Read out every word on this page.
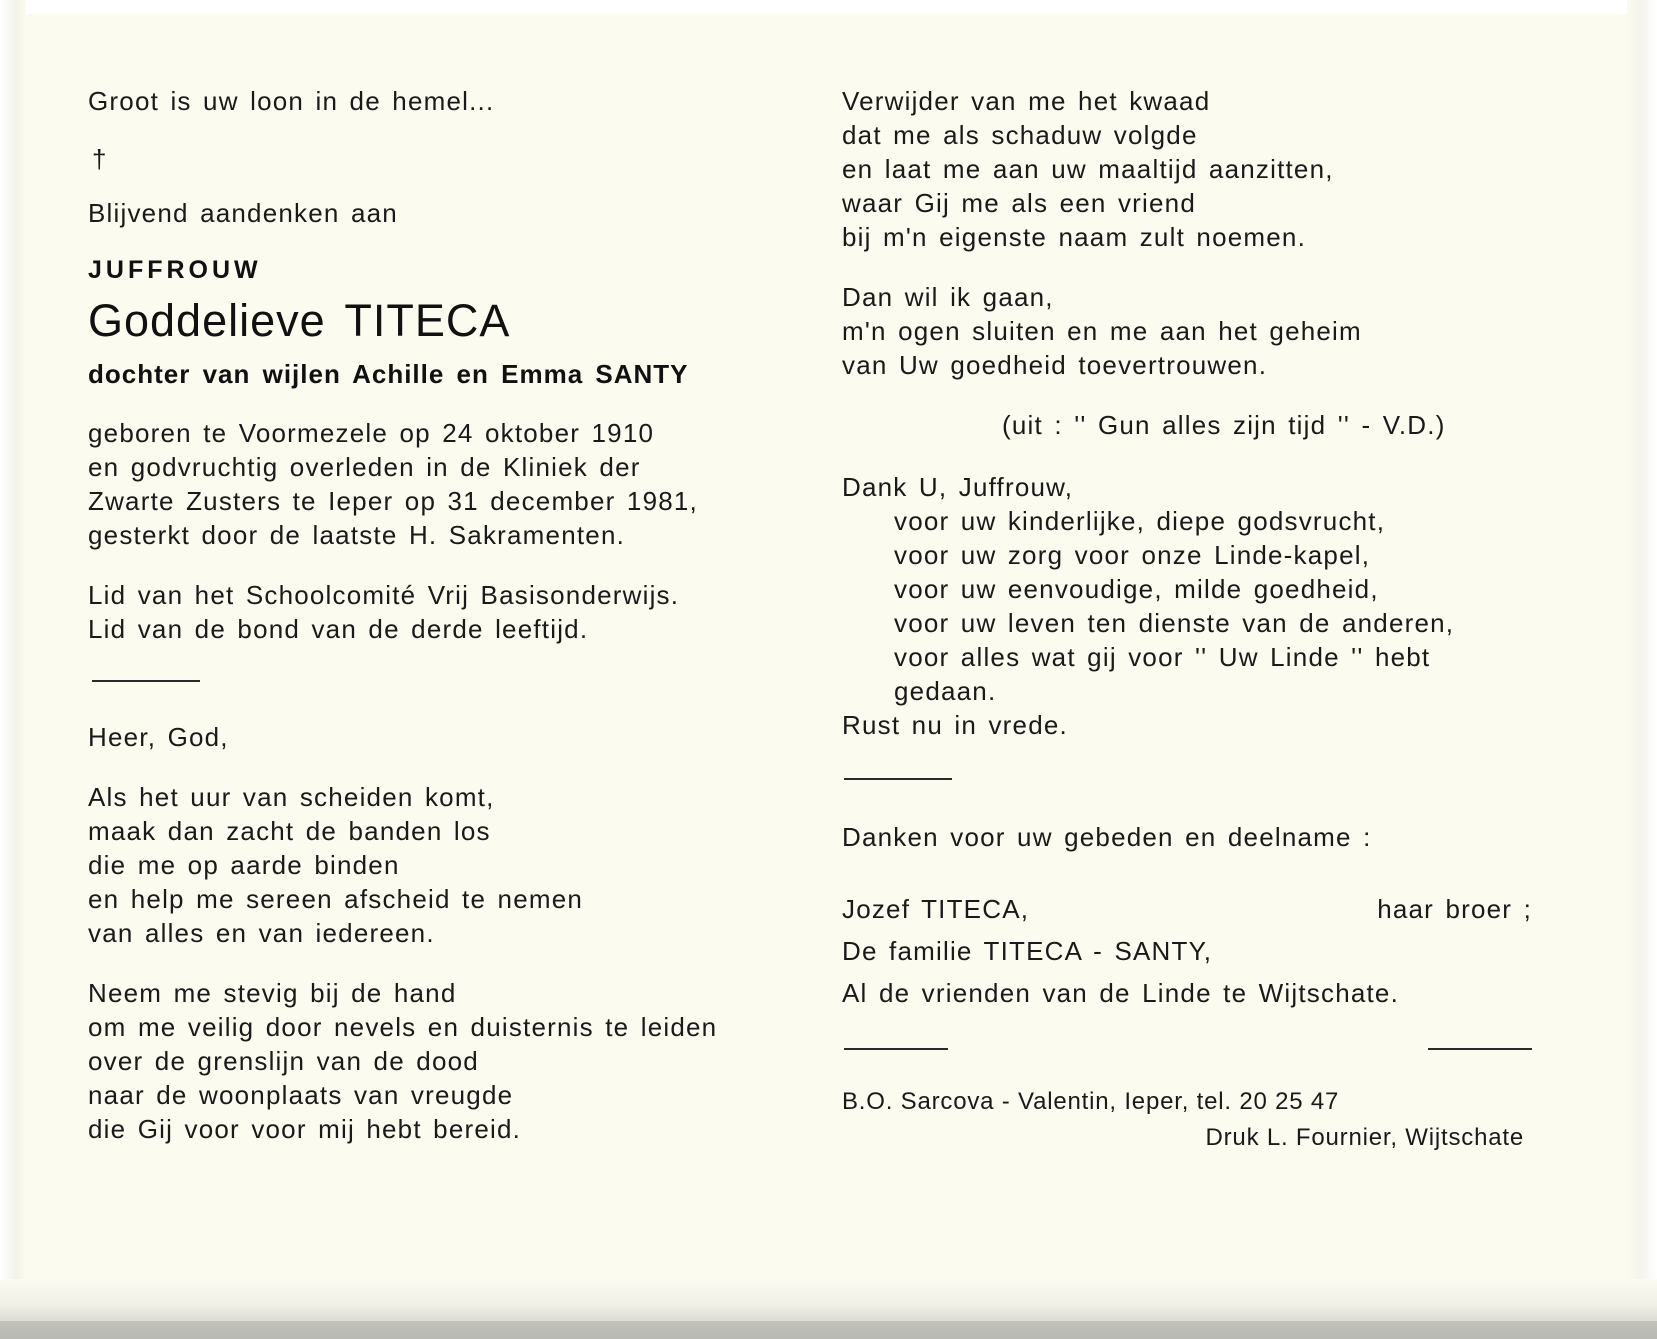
Groot is uw loon in de hemel...
†
Blijvend aandenken aan
JUFFROUW
Goddelieve TITECA
dochter van wijlen Achille en Emma SANTY
geboren te Voormezele op 24 oktober 1910
en godvruchtig overleden in de Kliniek der
Zwarte Zusters te Ieper op 31 december 1981,
gesterkt door de laatste H. Sakramenten.
Lid van het Schoolcomité Vrij Basisonderwijs.
Lid van de bond van de derde leeftijd.
Heer, God,
Als het uur van scheiden komt,
maak dan zacht de banden los
die me op aarde binden
en help me sereen afscheid te nemen
van alles en van iedereen.
Neem me stevig bij de hand
om me veilig door nevels en duisternis te leiden
over de grenslijn van de dood
naar de woonplaats van vreugde
die Gij voor voor mij hebt bereid.
Verwijder van me het kwaad
dat me als schaduw volgde
en laat me aan uw maaltijd aanzitten,
waar Gij me als een vriend
bij m'n eigenste naam zult noemen.
Dan wil ik gaan,
m'n ogen sluiten en me aan het geheim
van Uw goedheid toevertrouwen.
(uit : '' Gun alles zijn tijd '' - V.D.)
Dank U, Juffrouw,
voor uw kinderlijke, diepe godsvrucht,
voor uw zorg voor onze Linde-kapel,
voor uw eenvoudige, milde goedheid,
voor uw leven ten dienste van de anderen,
voor alles wat gij voor '' Uw Linde '' hebt
gedaan.
Rust nu in vrede.
Danken voor uw gebeden en deelname :
Jozef TITECA,	haar broer ;
De familie TITECA - SANTY,
Al de vrienden van de Linde te Wijtschate.
B.O. Sarcova - Valentin, Ieper, tel. 20 25 47
Druk L. Fournier, Wijtschate
